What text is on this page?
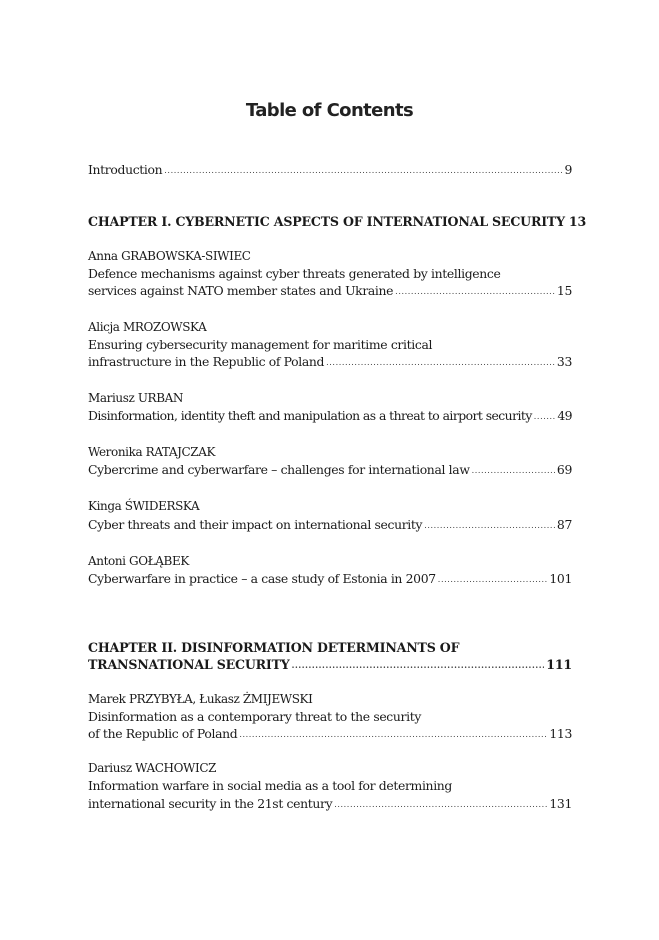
Table of Contents
Introduction .....	9
CHAPTER I. CYBERNETIC ASPECTS OF INTERNATIONAL SECURITY 13
Anna GRABOWSKA-SIWIEC
Defence mechanisms against cyber threats generated by intelligence
services against NATO member states and Ukraine .....	15
Alicja MROZOWSKA
Ensuring cybersecurity management for maritime critical
infrastructure in the Republic of Poland .....	33
Mariusz URBAN
Disinformation, identity theft and manipulation as a threat to airport security ..... 49
Weronika RATAJCZAK
Cybercrime and cyberwarfare – challenges for international law .....	69
Kinga ŚWIDERSKA
Cyber threats and their impact on international security .....	87
Antoni GOŁĄBEK
Cyberwarfare in practice – a case study of Estonia in 2007 .....	101
CHAPTER II. DISINFORMATION DETERMINANTS OF
TRANSNATIONAL SECURITY .....	111
Marek PRZYBYŁA, Łukasz ŻMIJEWSKI
Disinformation as a contemporary threat to the security
of the Republic of Poland .....	113
Dariusz WACHOWICZ
Information warfare in social media as a tool for determining
international security in the 21st century .....	131
